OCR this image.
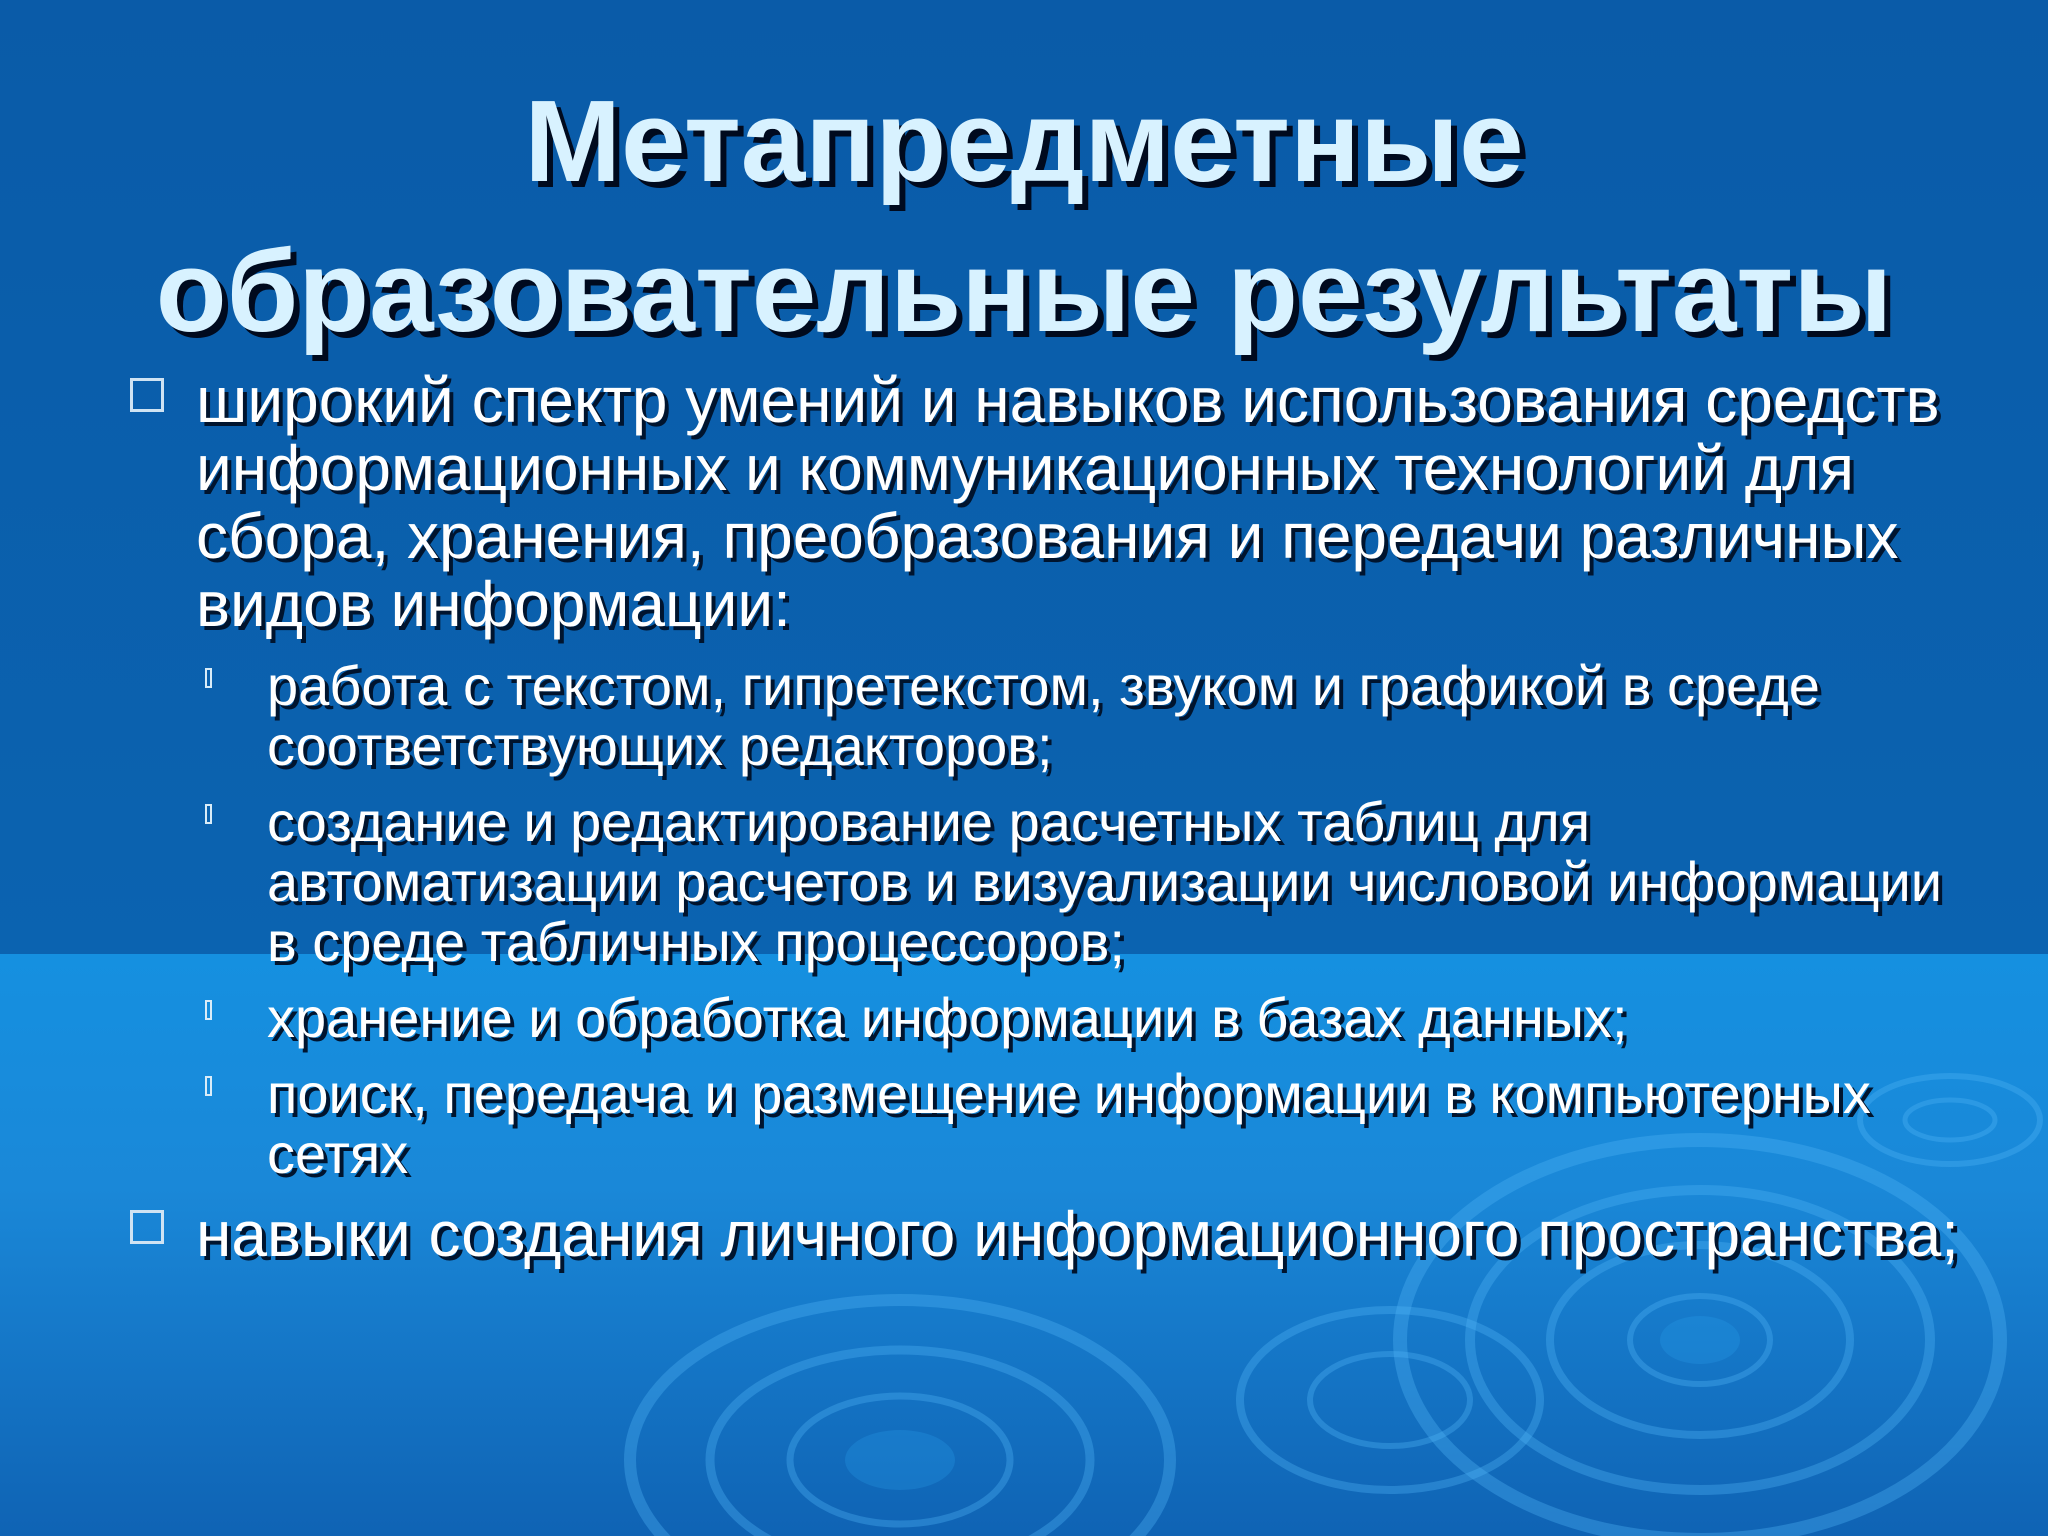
Метапредметные
образовательные результаты
широкий спектр умений и навыков использования средств информационных и коммуникационных технологий для сбора, хранения, преобразования и передачи различных видов информации:
работа с текстом, гипретекстом, звуком и графикой в среде соответствующих редакторов;
создание и редактирование расчетных таблиц для автоматизации расчетов и визуализации числовой информации в среде табличных процессоров;
хранение и обработка информации в базах данных;
поиск, передача и размещение информации в компьютерных сетях
навыки создания личного информационного пространства;
